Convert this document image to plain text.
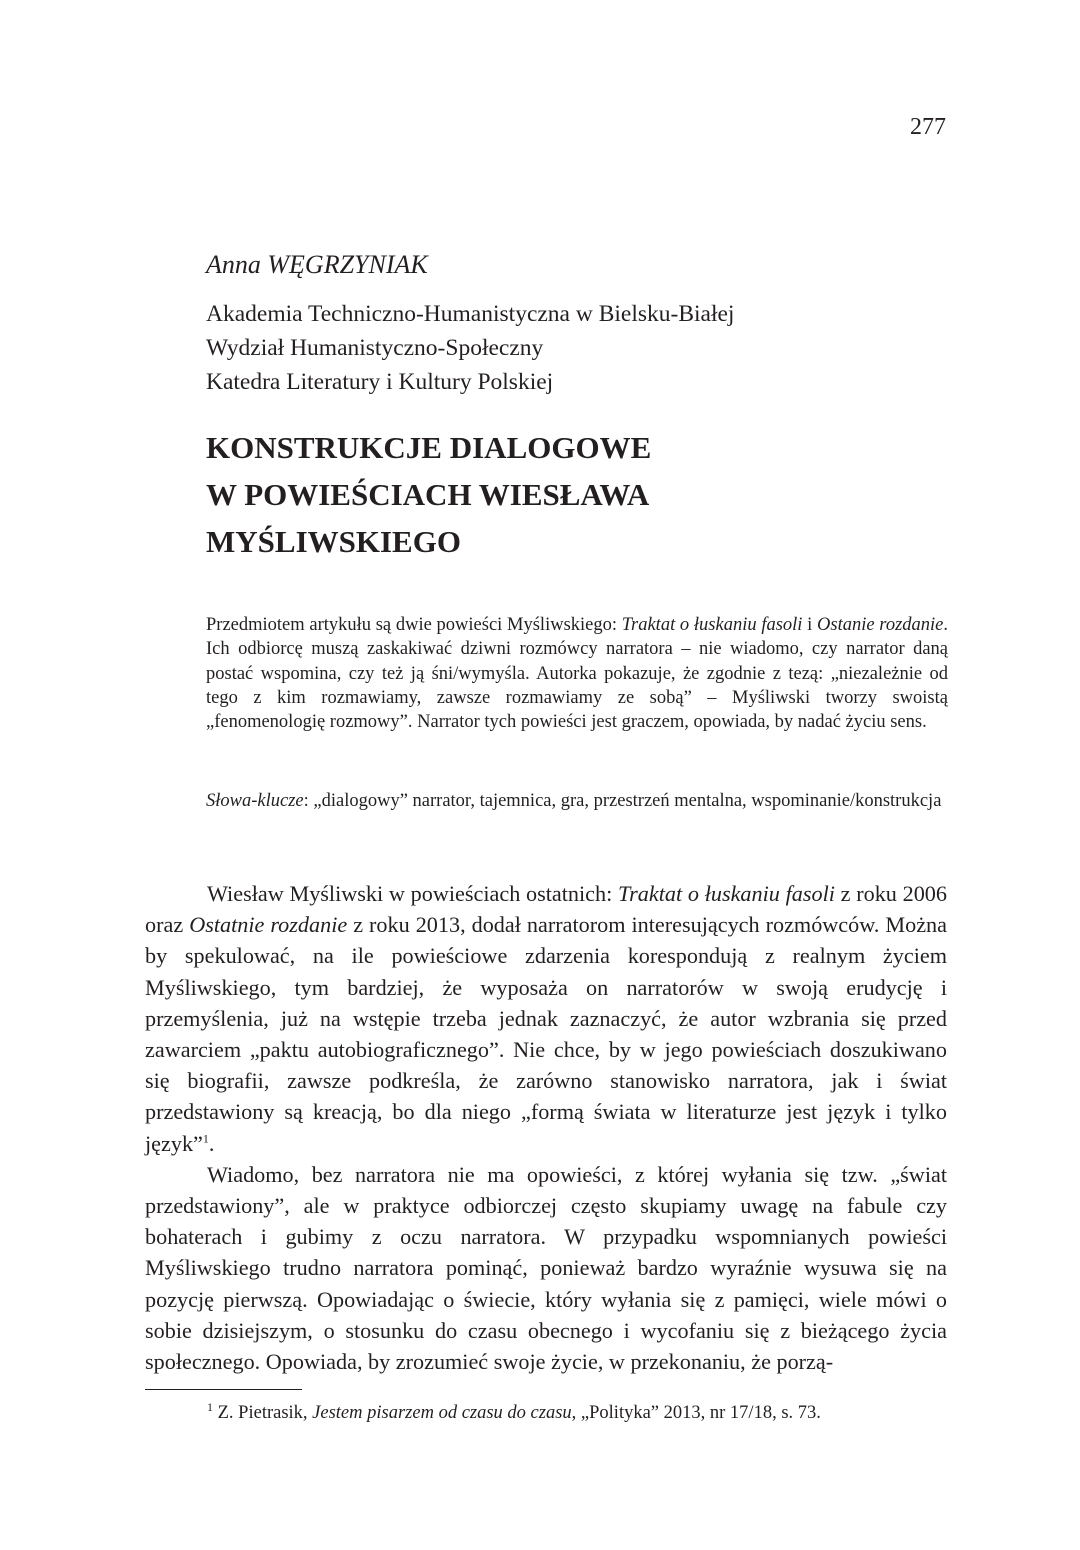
277
Anna WĘGRZYNIAK
Akademia Techniczno-Humanistyczna w Bielsku-Białej
Wydział Humanistyczno-Społeczny
Katedra Literatury i Kultury Polskiej
KONSTRUKCJE DIALOGOWE
W POWIEŚCIACH WIESŁAWA
MYŚLIWSKIEGO

Przedmiotem artykułu są dwie powieści Myśliwskiego: Traktat o łuskaniu fasoli i Ostanie rozdanie. Ich odbiorcę muszą zaskakiwać dziwni rozmówcy narratora – nie wiadomo, czy narrator daną postać wspomina, czy też ją śni/wymyśla. Autorka pokazuje, że zgodnie z tezą: „niezależnie od tego z kim rozmawiamy, zawsze rozmawiamy ze sobą” – Myśliwski tworzy swoistą „fenomenologię rozmowy”. Narrator tych powieści jest graczem, opowiada, by nadać życiu sens.

Słowa-klucze: „dialogowy” narrator, tajemnica, gra, przestrzeń mentalna, wspominanie/konstrukcja

Wiesław Myśliwski w powieściach ostatnich: Traktat o łuskaniu fasoli z roku 2006 oraz Ostatnie rozdanie z roku 2013, dodał narratorom interesujących rozmówców. Można by spekulować, na ile powieściowe zdarzenia korespondują z realnym życiem Myśliwskiego, tym bardziej, że wyposaża on narratorów w swoją erudycję i przemyślenia, już na wstępie trzeba jednak zaznaczyć, że autor wzbrania się przed zawarciem „paktu autobiograficznego”. Nie chce, by w jego powieściach doszukiwano się biografii, zawsze podkreśla, że zarówno stanowisko narratora, jak i świat przedstawiony są kreacją, bo dla niego „formą świata w literaturze jest język i tylko język”$^1$.

Wiadomo, bez narratora nie ma opowieści, z której wyłania się tzw. „świat przedstawiony”, ale w praktyce odbiorczej często skupiamy uwagę na fabule czy bohaterach i gubimy z oczu narratora. W przypadku wspomnianych powieści Myśliwskiego trudno narratora pominąć, ponieważ bardzo wyraźnie wysuwa się na pozycję pierwszą. Opowiadając o świecie, który wyłania się z pamięci, wiele mówi o sobie dzisiejszym, o stosunku do czasu obecnego i wycofaniu się z bieżącego życia społecznego. Opowiada, by zrozumieć swoje życie, w przekonaniu, że porzą-

$^1$ Z. Pietrasik, Jestem pisarzem od czasu do czasu, „Polityka” 2013, nr 17/18, s. 73.
